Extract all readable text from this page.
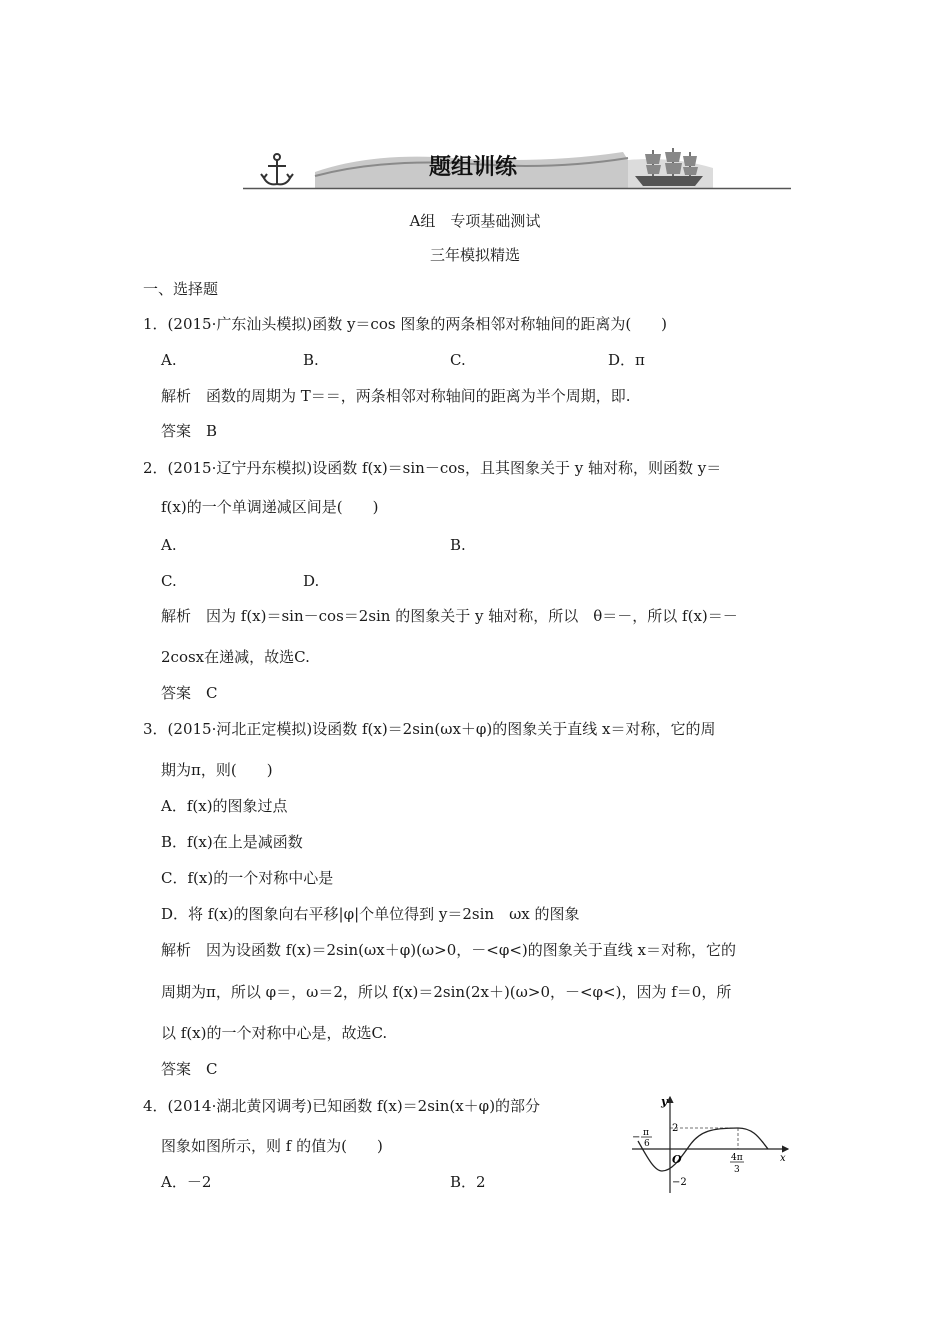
题组训练
A组　专项基础测试
三年模拟精选
一、选择题
1．(2015·广东汕头模拟)函数 y＝cos 图象的两条相邻对称轴间的距离为(　　)
A.	B.	C.	D．π
解析　函数的周期为 T＝＝，两条相邻对称轴间的距离为半个周期，即.
答案　B
2．(2015·辽宁丹东模拟)设函数 f(x)＝sin－cos，且其图象关于 y 轴对称，则函数 y＝
f(x)的一个单调递减区间是(　　)
A.	B.
C.	D.
解析　因为 f(x)＝sin－cos＝2sin 的图象关于 y 轴对称，所以　θ＝－，所以 f(x)＝－
2cosx在递减，故选C.
答案　C
3．(2015·河北正定模拟)设函数 f(x)＝2sin(ωx＋φ)的图象关于直线 x＝对称，它的周
期为π，则(　　)
A．f(x)的图象过点
B．f(x)在上是减函数
C．f(x)的一个对称中心是
D．将 f(x)的图象向右平移|φ|个单位得到 y＝2sin　ωx 的图象
解析　因为设函数 f(x)＝2sin(ωx＋φ)(ω>0，－<φ<)的图象关于直线 x＝对称，它的
周期为π，所以 φ＝，ω＝2，所以 f(x)＝2sin(2x＋)(ω>0，－<φ<)，因为 f＝0，所
以 f(x)的一个对称中心是，故选C.
答案　C
4．(2014·湖北黄冈调考)已知函数 f(x)＝2sin(x＋φ)的部分
图象如图所示，则 f 的值为(　　)
A．－2	B．2
y
x
O
2
−2
− π
6
4π
3
